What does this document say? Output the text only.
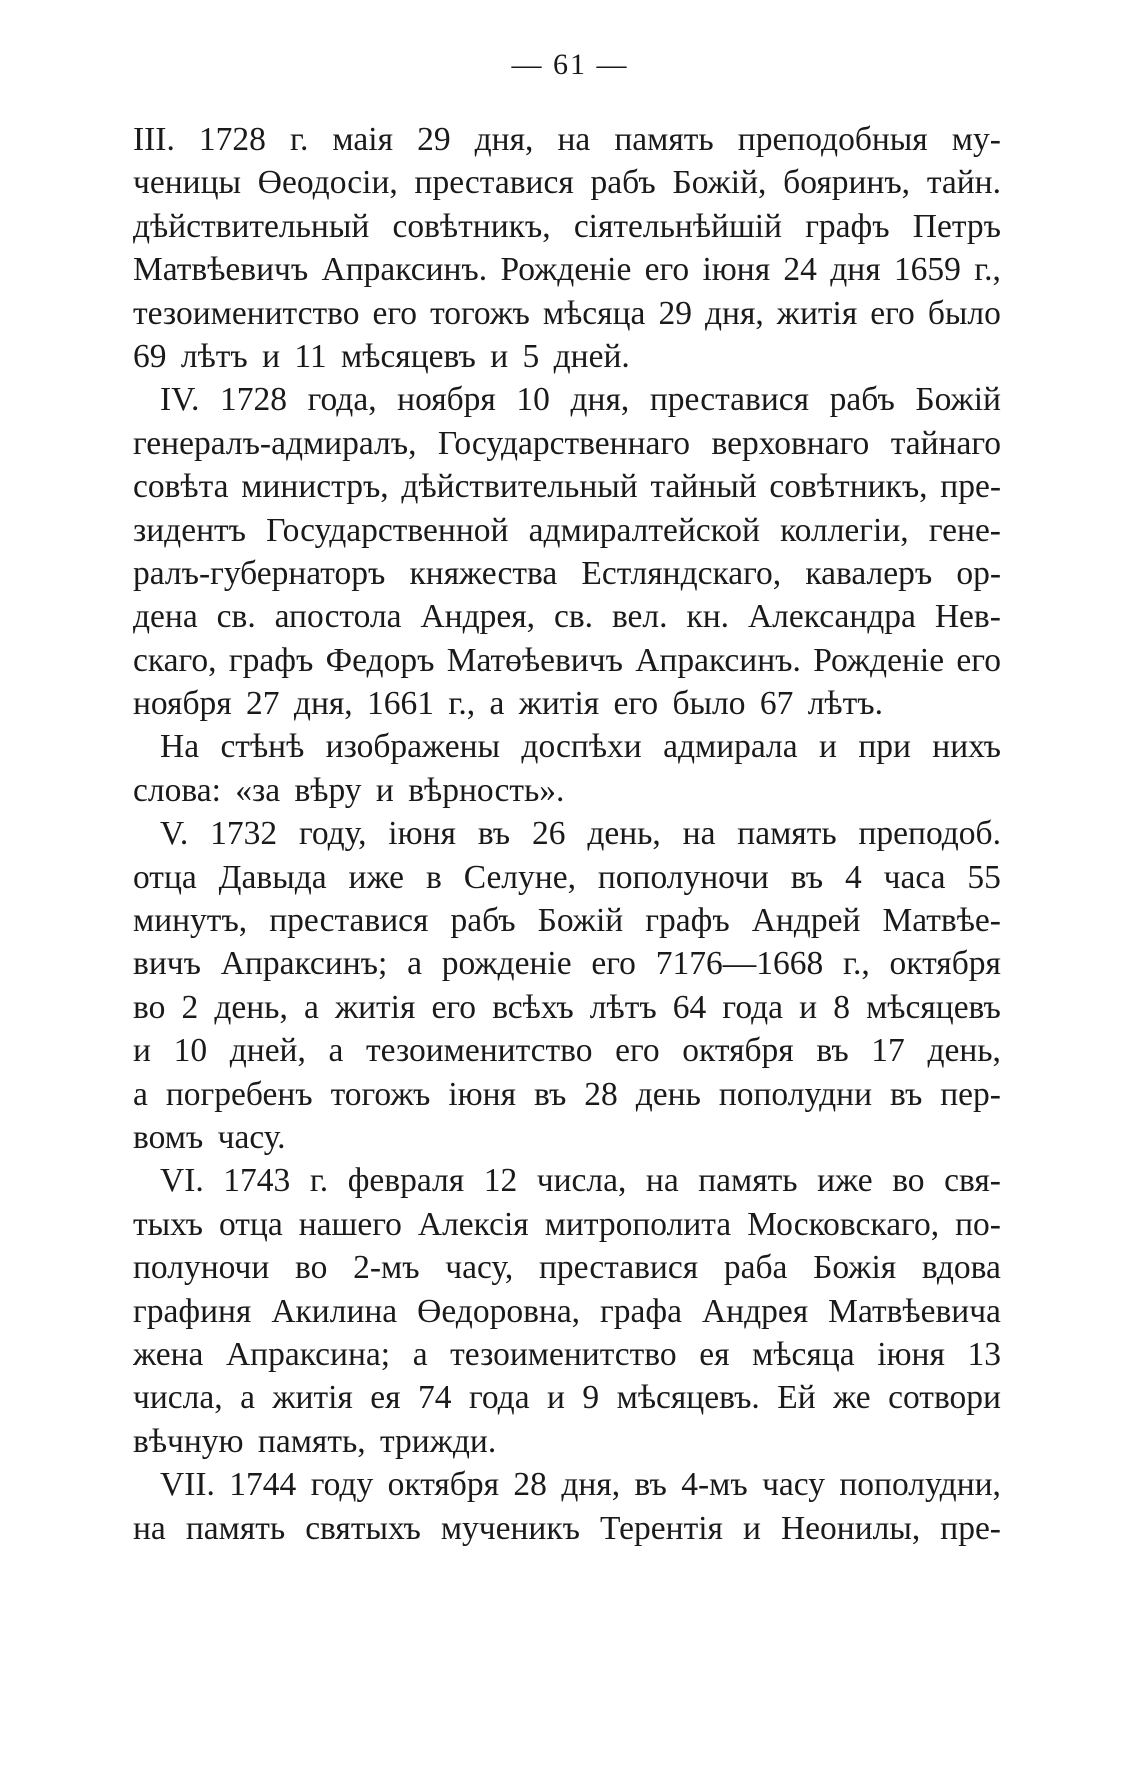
— 61 —
III. 1728 г. маія 29 дня, на память преподобныя му-
ченицы Өеодосіи, преставися рабъ Божій, бояринъ, тайн.
дѣйствительный совѣтникъ, сіятельнѣйшій графъ Петръ
Матвѣевичъ Апраксинъ. Рожденіе его іюня 24 дня 1659 г.,
тезоименитство его тогожъ мѣсяца 29 дня, житія его было
69 лѣтъ и 11 мѣсяцевъ и 5 дней.
IV. 1728 года, ноября 10 дня, преставися рабъ Божій
генералъ-адмиралъ, Государственнаго верховнаго тайнаго
совѣта министръ, дѣйствительный тайный совѣтникъ, пре-
зидентъ Государственной адмиралтейской коллегіи, гене-
ралъ-губернаторъ княжества Естляндскаго, кавалеръ ор-
дена св. апостола Андрея, св. вел. кн. Александра Нев-
скаго, графъ Федоръ Матөѣевичъ Апраксинъ. Рожденіе его
ноября 27 дня, 1661 г., а житія его было 67 лѣтъ.
На стѣнѣ изображены доспѣхи адмирала и при нихъ
слова: «за вѣру и вѣрность».
V. 1732 году, іюня въ 26 день, на память преподоб.
отца Давыда иже в Селуне, пополуночи въ 4 часа 55
минутъ, преставися рабъ Божій графъ Андрей Матвѣе-
вичъ Апраксинъ; а рожденіе его 7176—1668 г., октября
во 2 день, а житія его всѣхъ лѣтъ 64 года и 8 мѣсяцевъ
и 10 дней, а тезоименитство его октября въ 17 день,
а погребенъ тогожъ іюня въ 28 день пополудни въ пер-
вомъ часу.
VI. 1743 г. февраля 12 числа, на память иже во свя-
тыхъ отца нашего Алексія митрополита Московскаго, по-
полуночи во 2-мъ часу, преставися раба Божія вдова
графиня Акилина Өедоровна, графа Андрея Матвѣевича
жена Апраксина; а тезоименитство ея мѣсяца іюня 13
числа, а житія ея 74 года и 9 мѣсяцевъ. Ей же сотвори
вѣчную память, трижди.
VII. 1744 году октября 28 дня, въ 4-мъ часу пополудни,
на память святыхъ мученикъ Терентія и Неонилы, пре-
